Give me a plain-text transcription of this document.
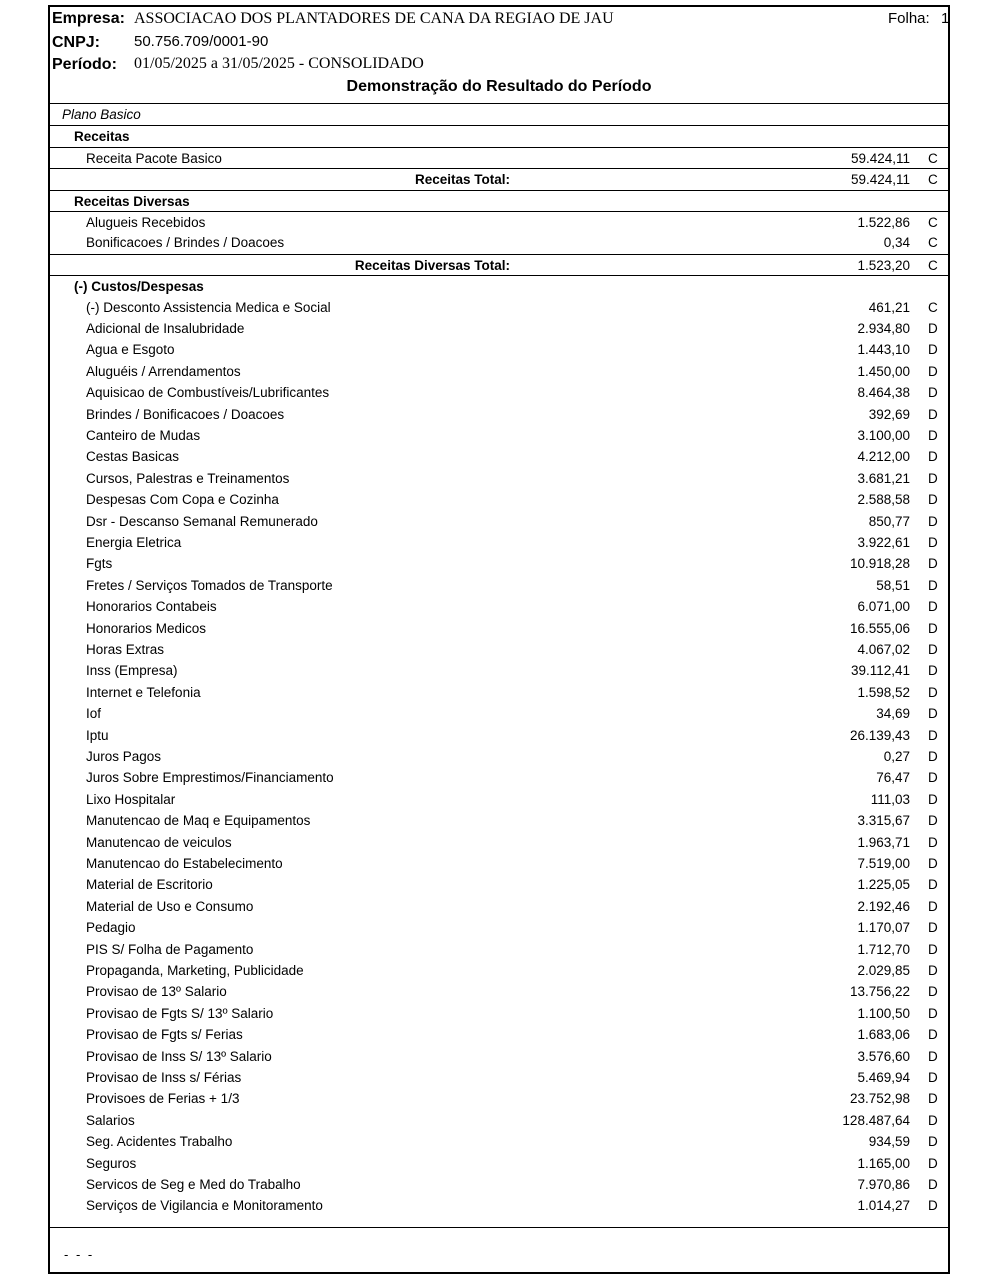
Empresa: ASSOCIACAO DOS PLANTADORES DE CANA DA REGIAO DE JAU	Folha: 1
CNPJ: 50.756.709/0001-90
Período: 01/05/2025 a 31/05/2025 - CONSOLIDADO
Demonstração do Resultado do Período
Plano Basico
Receitas
Receita Pacote Basico	59.424,11 C
Receitas Total:	59.424,11 C
Receitas Diversas
Alugueis Recebidos	1.522,86 C
Bonificacoes / Brindes / Doacoes	0,34 C
Receitas Diversas Total:	1.523,20 C
(-) Custos/Despesas
(-) Desconto Assistencia Medica e Social	461,21 C
Adicional de Insalubridade	2.934,80 D
Agua e Esgoto	1.443,10 D
Aluguéis / Arrendamentos	1.450,00 D
Aquisicao de Combustíveis/Lubrificantes	8.464,38 D
Brindes / Bonificacoes / Doacoes	392,69 D
Canteiro de Mudas	3.100,00 D
Cestas Basicas	4.212,00 D
Cursos, Palestras e Treinamentos	3.681,21 D
Despesas Com Copa e Cozinha	2.588,58 D
Dsr - Descanso Semanal Remunerado	850,77 D
Energia Eletrica	3.922,61 D
Fgts	10.918,28 D
Fretes / Serviços Tomados de Transporte	58,51 D
Honorarios Contabeis	6.071,00 D
Honorarios Medicos	16.555,06 D
Horas Extras	4.067,02 D
Inss (Empresa)	39.112,41 D
Internet e Telefonia	1.598,52 D
Iof	34,69 D
Iptu	26.139,43 D
Juros Pagos	0,27 D
Juros Sobre Emprestimos/Financiamento	76,47 D
Lixo Hospitalar	111,03 D
Manutencao de Maq e Equipamentos	3.315,67 D
Manutencao de veiculos	1.963,71 D
Manutencao do Estabelecimento	7.519,00 D
Material de Escritorio	1.225,05 D
Material de Uso e Consumo	2.192,46 D
Pedagio	1.170,07 D
PIS S/ Folha de Pagamento	1.712,70 D
Propaganda, Marketing, Publicidade	2.029,85 D
Provisao de 13º Salario	13.756,22 D
Provisao de Fgts S/ 13º Salario	1.100,50 D
Provisao de Fgts s/ Ferias	1.683,06 D
Provisao de Inss S/ 13º Salario	3.576,60 D
Provisao de Inss s/ Férias	5.469,94 D
Provisoes de Ferias + 1/3	23.752,98 D
Salarios	128.487,64 D
Seg. Acidentes Trabalho	934,59 D
Seguros	1.165,00 D
Servicos de Seg e Med do Trabalho	7.970,86 D
Serviços de Vigilancia e Monitoramento	1.014,27 D
- - -
